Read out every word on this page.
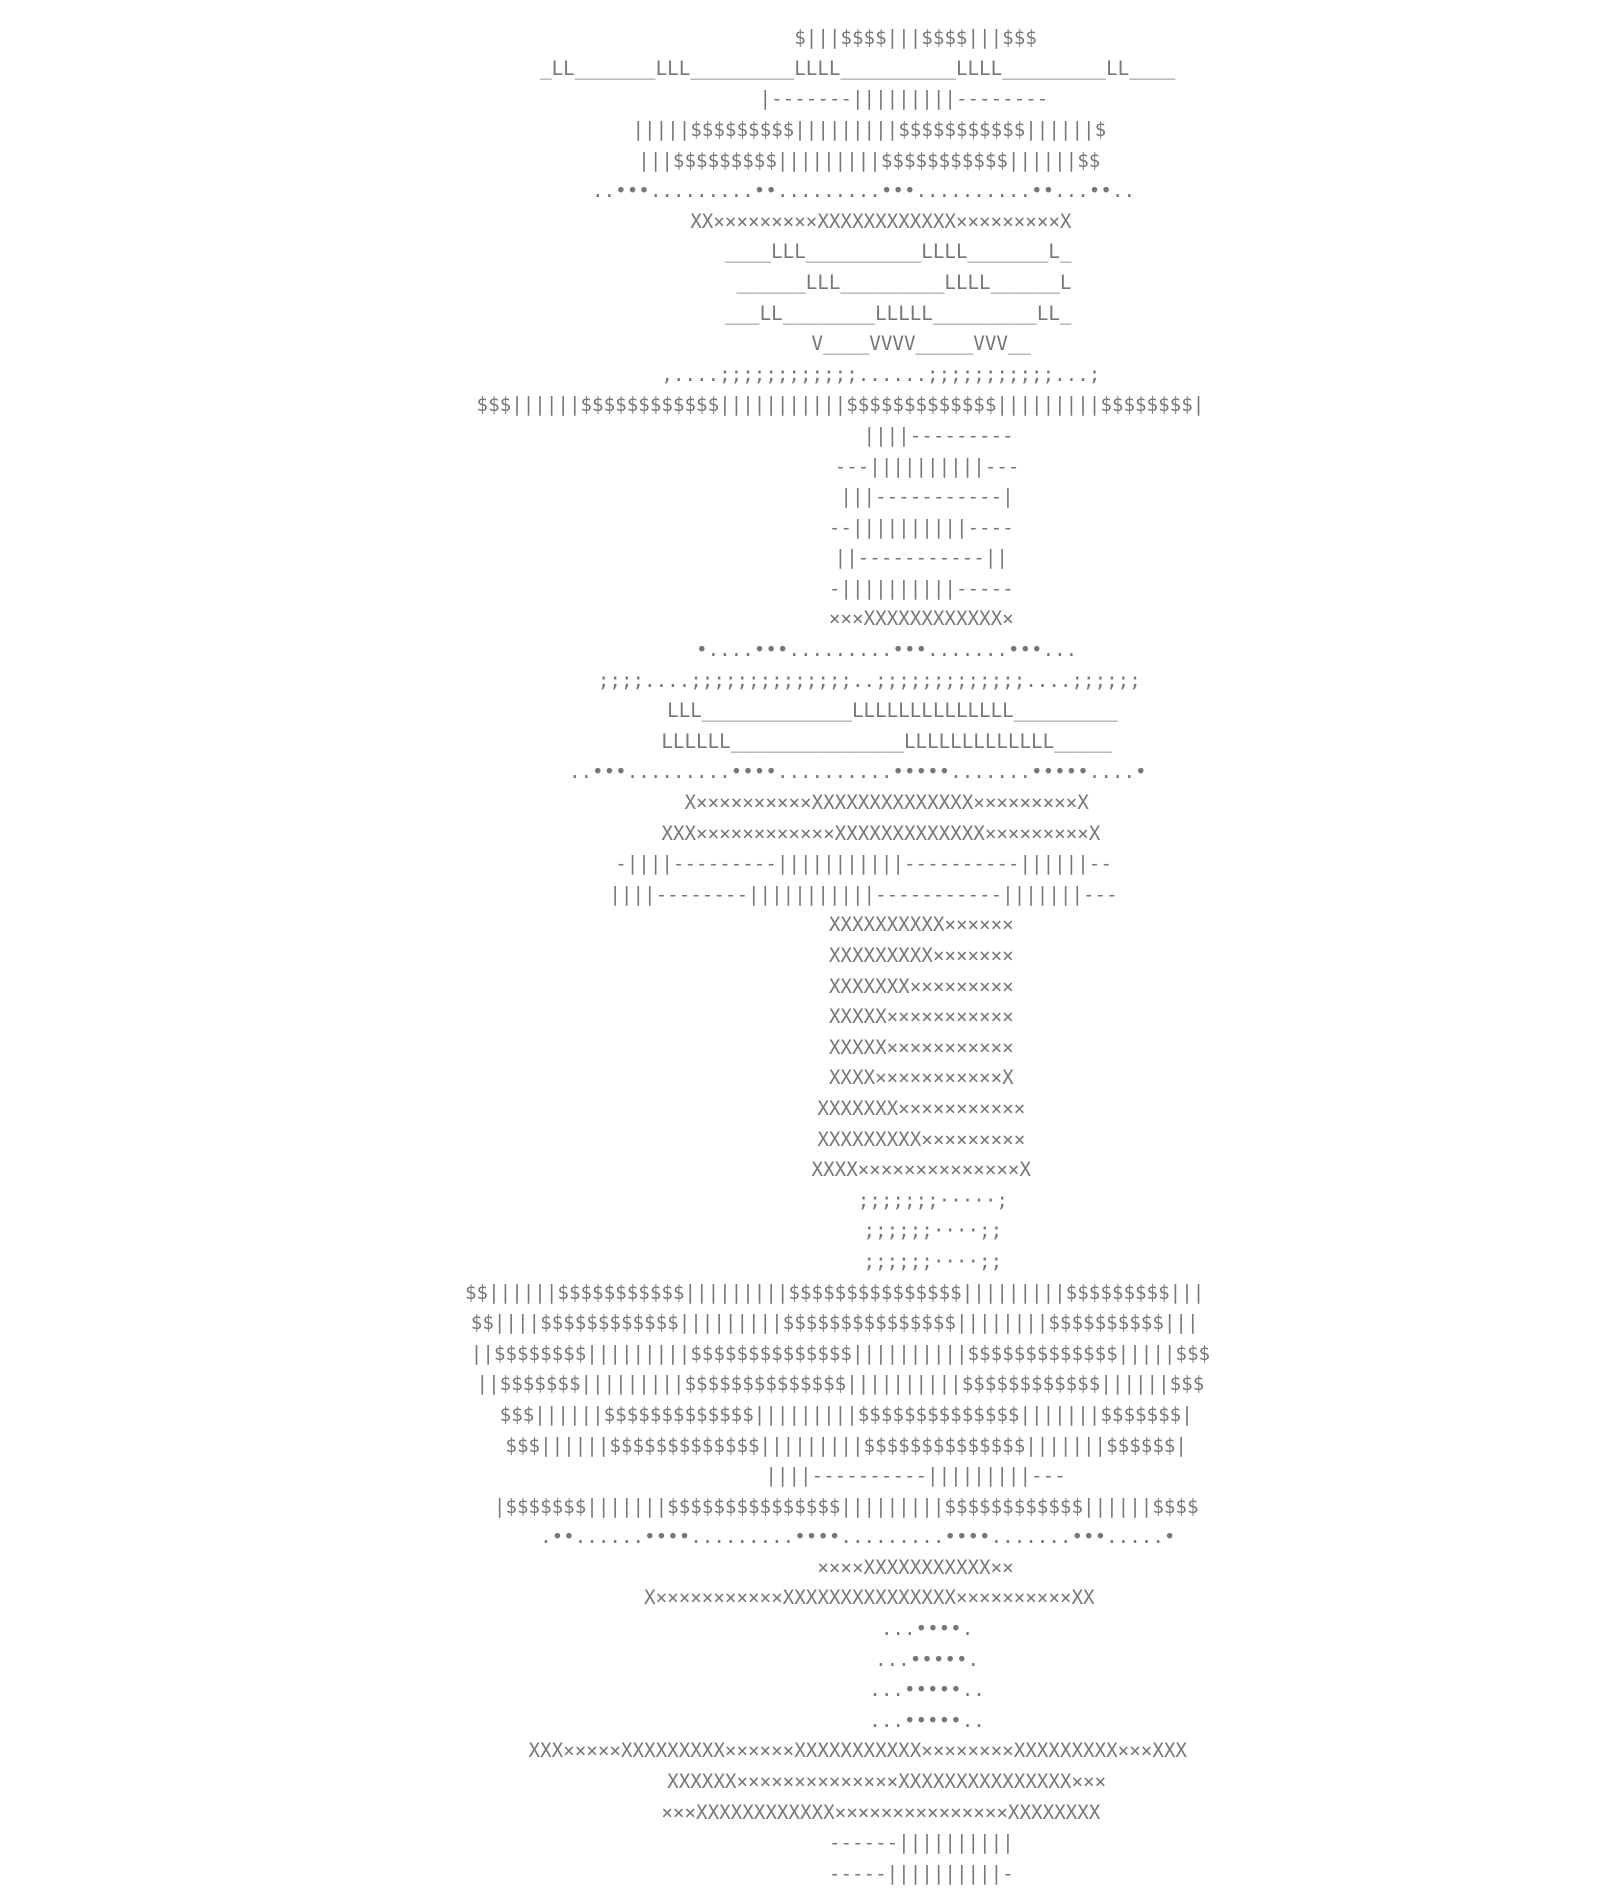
$|||$$$$|||$$$$|||$$$
_LL_______LLL_________LLLL__________LLLL_________LL____
|-------|||||||||--------
|||||$$$$$$$$$|||||||||$$$$$$$$$$$||||||$
|||$$$$$$$$$|||||||||$$$$$$$$$$$||||||$$
..•••.........••.........•••..........••...••..
XX×××××××××XXXXXXXXXXXX×××××××××X
____LLL__________LLLL_______L_
______LLL_________LLLL______L
___LL________LLLLL_________LL_
V____VVVV_____VVV__
,....;;;;;;;;;;;;......;;;;;;;;;;;...;
$$$||||||$$$$$$$$$$$$|||||||||||$$$$$$$$$$$$$|||||||||$$$$$$$$|
||||---------
---||||||||||---
|||-----------|
--||||||||||----
||-----------||
-||||||||||-----
×××XXXXXXXXXXXX×
•....•••.........•••.......•••...
;;;;....;;;;;;;;;;;;;;..;;;;;;;;;;;;;....;;;;;;
LLL_____________LLLLLLLLLLLLLL_________
LLLLLL_______________LLLLLLLLLLLLL_____
..•••.........••••..........•••••.......•••••....•
X××××××××××XXXXXXXXXXXXXX×××××××××X
XXX××××××××××××XXXXXXXXXXXXX×××××××××X
-||||---------|||||||||||----------||||||--
||||--------|||||||||||-----------|||||||---
XXXXXXXXXX××××××
XXXXXXXXX×××××××
XXXXXXX×××××××××
XXXXX×××××××××××
XXXXX×××××××××××
XXXX×××××××××××X
XXXXXXX×××××××××××
XXXXXXXXX×××××××××
XXXX××××××××××××××X
;;;;;;;·····;
;;;;;;····;;
;;;;;;····;;
$$||||||$$$$$$$$$$$|||||||||$$$$$$$$$$$$$$$|||||||||$$$$$$$$$|||
$$||||$$$$$$$$$$$$|||||||||$$$$$$$$$$$$$$$||||||||$$$$$$$$$$|||
||$$$$$$$$|||||||||$$$$$$$$$$$$$$||||||||||$$$$$$$$$$$$$|||||$$$
||$$$$$$$|||||||||$$$$$$$$$$$$$$||||||||||$$$$$$$$$$$$||||||$$$
$$$||||||$$$$$$$$$$$$$|||||||||$$$$$$$$$$$$$$|||||||$$$$$$$|
$$$||||||$$$$$$$$$$$$$|||||||||$$$$$$$$$$$$$$|||||||$$$$$$|
||||----------|||||||||---
|$$$$$$$|||||||$$$$$$$$$$$$$$$|||||||||$$$$$$$$$$$$||||||$$$$
.••......••••.........••••.........••••.......•••.....•
××××XXXXXXXXXXX××
X×××××××××××XXXXXXXXXXXXXXX××××××××××XX
...••••.
...•••••.
...•••••..
...•••••..
XXX×××××XXXXXXXXX××××××XXXXXXXXXXX××××××××XXXXXXXXX×××XXX
XXXXXX××××××××××××××XXXXXXXXXXXXXXX×××
×××XXXXXXXXXXXX×××××××××××××××XXXXXXXX
------||||||||||
-----||||||||||-
